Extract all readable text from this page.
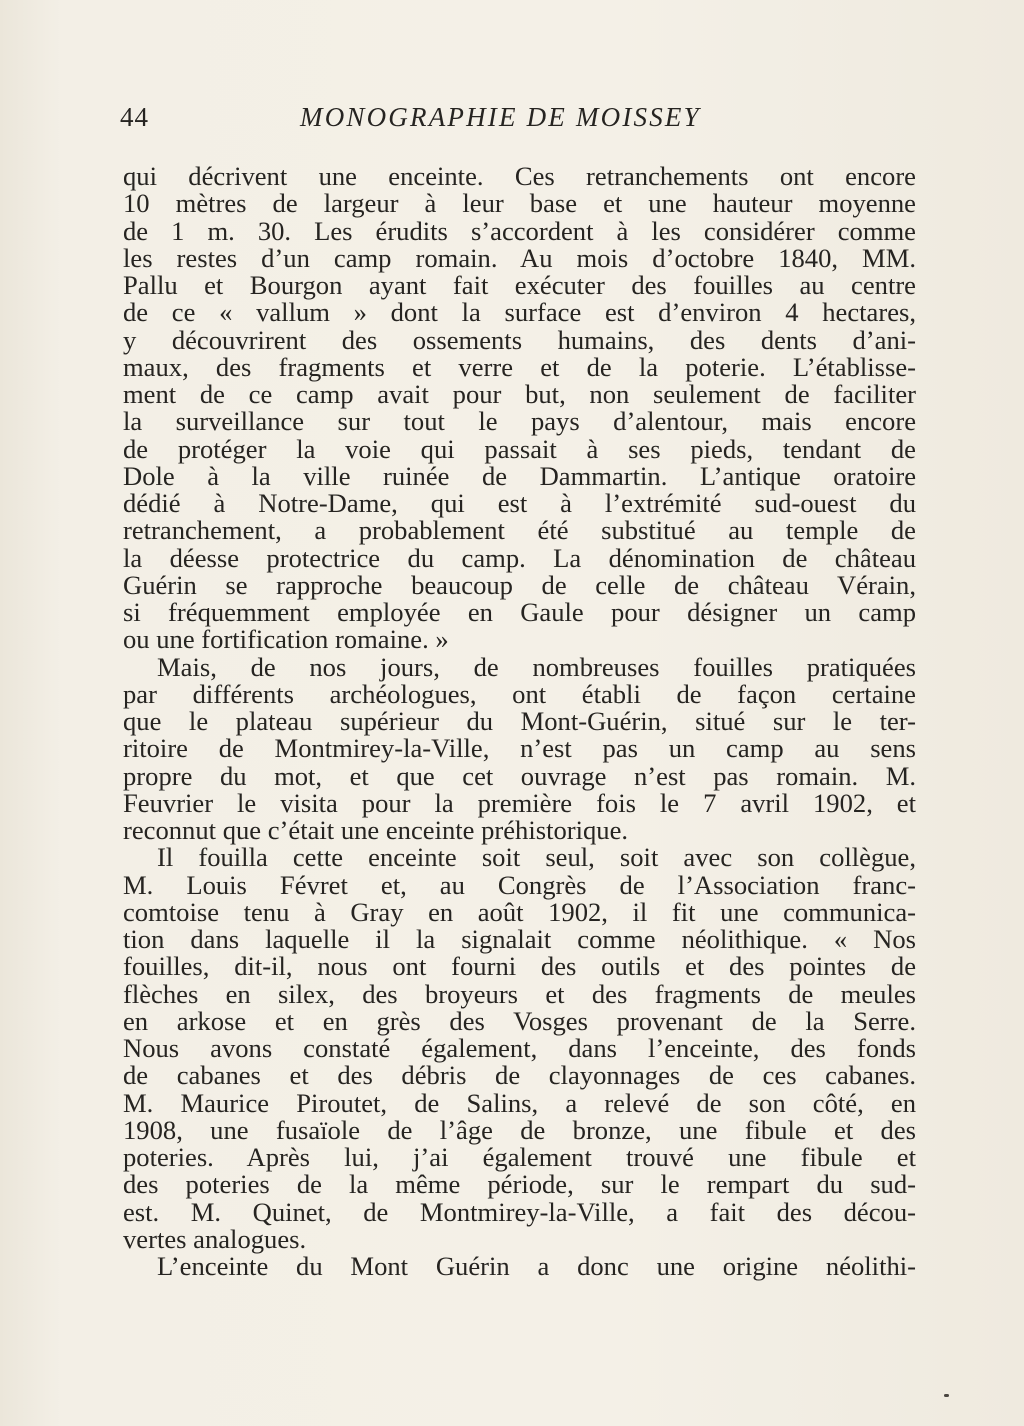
44	MONOGRAPHIE DE MOISSEY
qui décrivent une enceinte. Ces retranchements ont encore
10 mètres de largeur à leur base et une hauteur moyenne
de 1 m. 30. Les érudits s’accordent à les considérer comme
les restes d’un camp romain. Au mois d’octobre 1840, MM.
Pallu et Bourgon ayant fait exécuter des fouilles au centre
de ce « vallum » dont la surface est d’environ 4 hectares,
y découvrirent des ossements humains, des dents d’ani-
maux, des fragments et verre et de la poterie. L’établisse-
ment de ce camp avait pour but, non seulement de faciliter
la surveillance sur tout le pays d’alentour, mais encore
de protéger la voie qui passait à ses pieds, tendant de
Dole à la ville ruinée de Dammartin. L’antique oratoire
dédié à Notre-Dame, qui est à l’extrémité sud-ouest du
retranchement, a probablement été substitué au temple de
la déesse protectrice du camp. La dénomination de château
Guérin se rapproche beaucoup de celle de château Vérain,
si fréquemment employée en Gaule pour désigner un camp
ou une fortification romaine. »
Mais, de nos jours, de nombreuses fouilles pratiquées
par différents archéologues, ont établi de façon certaine
que le plateau supérieur du Mont-Guérin, situé sur le ter-
ritoire de Montmirey-la-Ville, n’est pas un camp au sens
propre du mot, et que cet ouvrage n’est pas romain. M.
Feuvrier le visita pour la première fois le 7 avril 1902, et
reconnut que c’était une enceinte préhistorique.
Il fouilla cette enceinte soit seul, soit avec son collègue,
M. Louis Févret et, au Congrès de l’Association franc-
comtoise tenu à Gray en août 1902, il fit une communica-
tion dans laquelle il la signalait comme néolithique. « Nos
fouilles, dit-il, nous ont fourni des outils et des pointes de
flèches en silex, des broyeurs et des fragments de meules
en arkose et en grès des Vosges provenant de la Serre.
Nous avons constaté également, dans l’enceinte, des fonds
de cabanes et des débris de clayonnages de ces cabanes.
M. Maurice Piroutet, de Salins, a relevé de son côté, en
1908, une fusaïole de l’âge de bronze, une fibule et des
poteries. Après lui, j’ai également trouvé une fibule et
des poteries de la même période, sur le rempart du sud-
est. M. Quinet, de Montmirey-la-Ville, a fait des décou-
vertes analogues.
L’enceinte du Mont Guérin a donc une origine néolithi-
